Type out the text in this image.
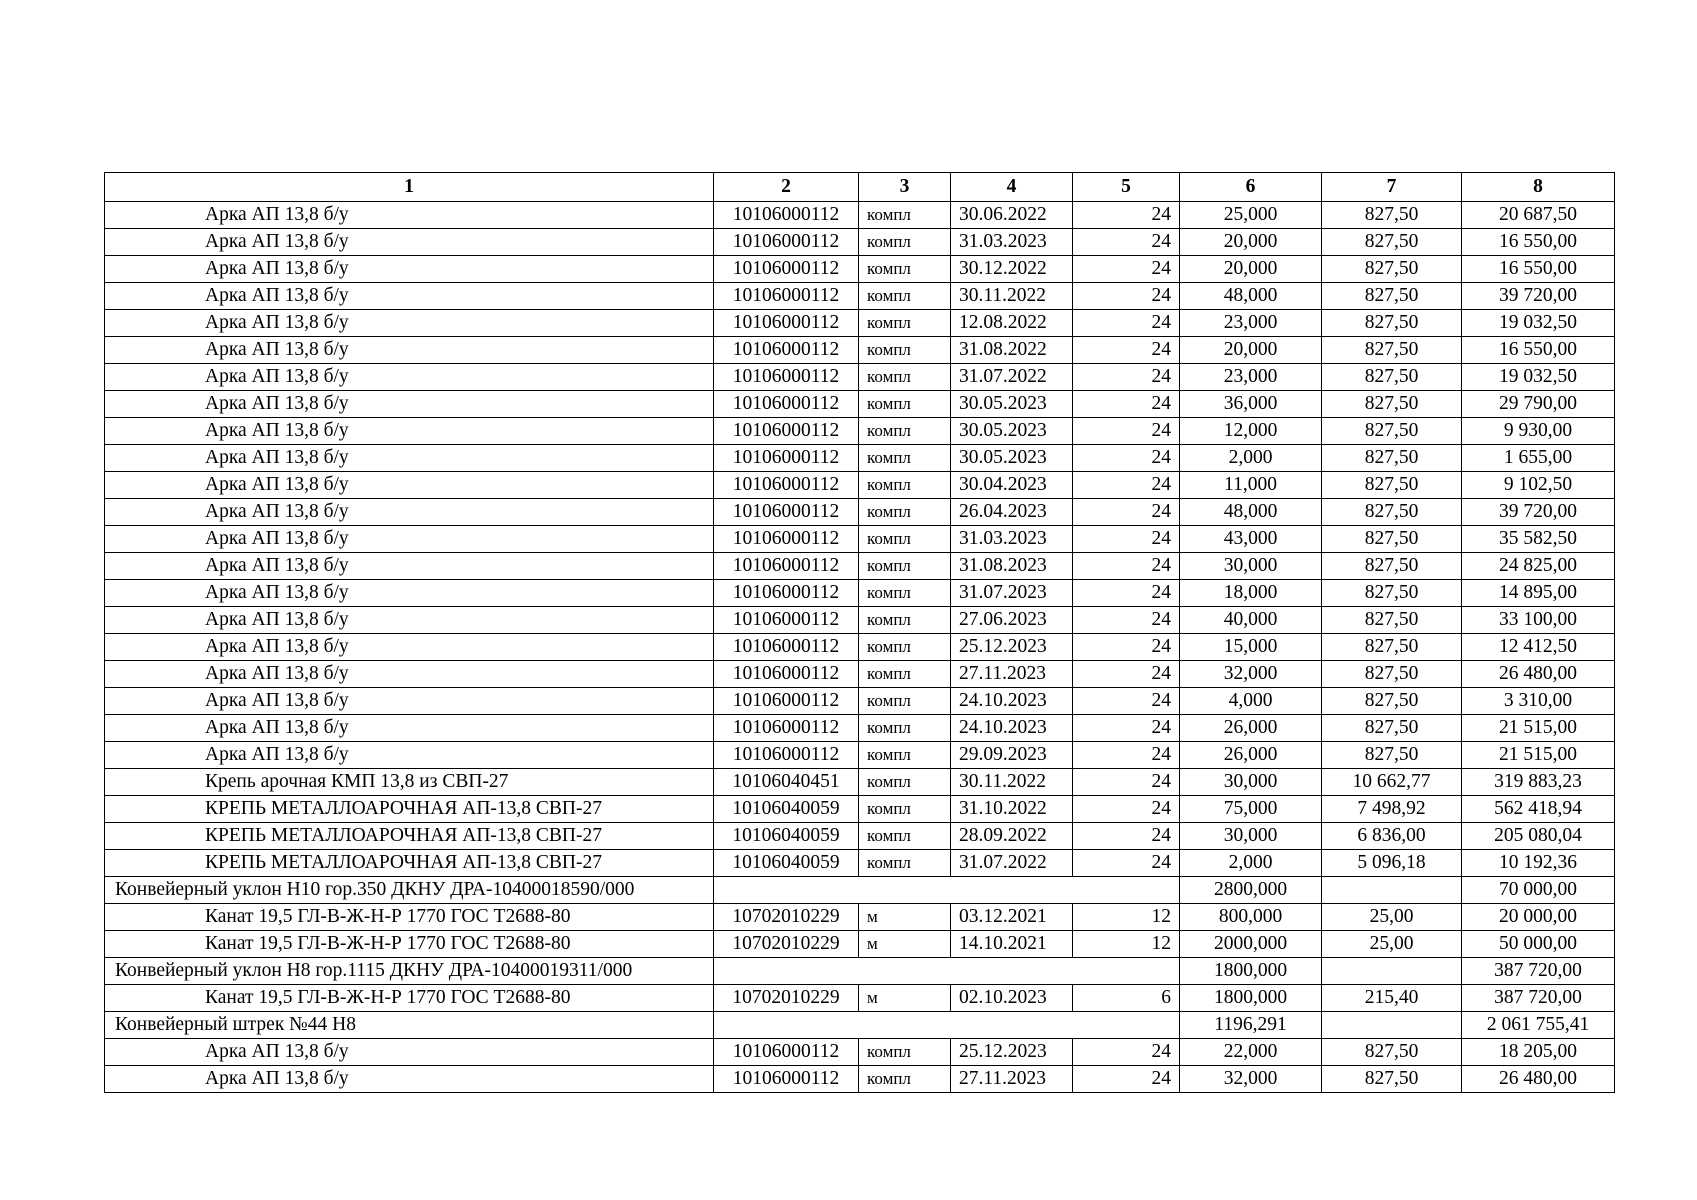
1	2	3	4	5	6	7	8
Арка АП 13,8 б/у	10106000112	компл	30.06.2022	24	25,000	827,50	20 687,50
Арка АП 13,8 б/у	10106000112	компл	31.03.2023	24	20,000	827,50	16 550,00
Арка АП 13,8 б/у	10106000112	компл	30.12.2022	24	20,000	827,50	16 550,00
Арка АП 13,8 б/у	10106000112	компл	30.11.2022	24	48,000	827,50	39 720,00
Арка АП 13,8 б/у	10106000112	компл	12.08.2022	24	23,000	827,50	19 032,50
Арка АП 13,8 б/у	10106000112	компл	31.08.2022	24	20,000	827,50	16 550,00
Арка АП 13,8 б/у	10106000112	компл	31.07.2022	24	23,000	827,50	19 032,50
Арка АП 13,8 б/у	10106000112	компл	30.05.2023	24	36,000	827,50	29 790,00
Арка АП 13,8 б/у	10106000112	компл	30.05.2023	24	12,000	827,50	9 930,00
Арка АП 13,8 б/у	10106000112	компл	30.05.2023	24	2,000	827,50	1 655,00
Арка АП 13,8 б/у	10106000112	компл	30.04.2023	24	11,000	827,50	9 102,50
Арка АП 13,8 б/у	10106000112	компл	26.04.2023	24	48,000	827,50	39 720,00
Арка АП 13,8 б/у	10106000112	компл	31.03.2023	24	43,000	827,50	35 582,50
Арка АП 13,8 б/у	10106000112	компл	31.08.2023	24	30,000	827,50	24 825,00
Арка АП 13,8 б/у	10106000112	компл	31.07.2023	24	18,000	827,50	14 895,00
Арка АП 13,8 б/у	10106000112	компл	27.06.2023	24	40,000	827,50	33 100,00
Арка АП 13,8 б/у	10106000112	компл	25.12.2023	24	15,000	827,50	12 412,50
Арка АП 13,8 б/у	10106000112	компл	27.11.2023	24	32,000	827,50	26 480,00
Арка АП 13,8 б/у	10106000112	компл	24.10.2023	24	4,000	827,50	3 310,00
Арка АП 13,8 б/у	10106000112	компл	24.10.2023	24	26,000	827,50	21 515,00
Арка АП 13,8 б/у	10106000112	компл	29.09.2023	24	26,000	827,50	21 515,00
Крепь арочная КМП 13,8 из СВП-27	10106040451	компл	30.11.2022	24	30,000	10 662,77	319 883,23
КРЕПЬ МЕТАЛЛОАРОЧНАЯ АП-13,8 СВП-27	10106040059	компл	31.10.2022	24	75,000	7 498,92	562 418,94
КРЕПЬ МЕТАЛЛОАРОЧНАЯ АП-13,8 СВП-27	10106040059	компл	28.09.2022	24	30,000	6 836,00	205 080,04
КРЕПЬ МЕТАЛЛОАРОЧНАЯ АП-13,8 СВП-27	10106040059	компл	31.07.2022	24	2,000	5 096,18	10 192,36
Конвейерный уклон Н10 гор.350 ДКНУ ДРА-10400018590/000					2800,000		70 000,00
Канат 19,5 ГЛ-В-Ж-Н-Р 1770 ГОС Т2688-80	10702010229	м	03.12.2021	12	800,000	25,00	20 000,00
Канат 19,5 ГЛ-В-Ж-Н-Р 1770 ГОС Т2688-80	10702010229	м	14.10.2021	12	2000,000	25,00	50 000,00
Конвейерный уклон Н8 гор.1115 ДКНУ ДРА-10400019311/000					1800,000		387 720,00
Канат 19,5 ГЛ-В-Ж-Н-Р 1770 ГОС Т2688-80	10702010229	м	02.10.2023	6	1800,000	215,40	387 720,00
Конвейерный штрек №44 Н8					1196,291		2 061 755,41
Арка АП 13,8 б/у	10106000112	компл	25.12.2023	24	22,000	827,50	18 205,00
Арка АП 13,8 б/у	10106000112	компл	27.11.2023	24	32,000	827,50	26 480,00
